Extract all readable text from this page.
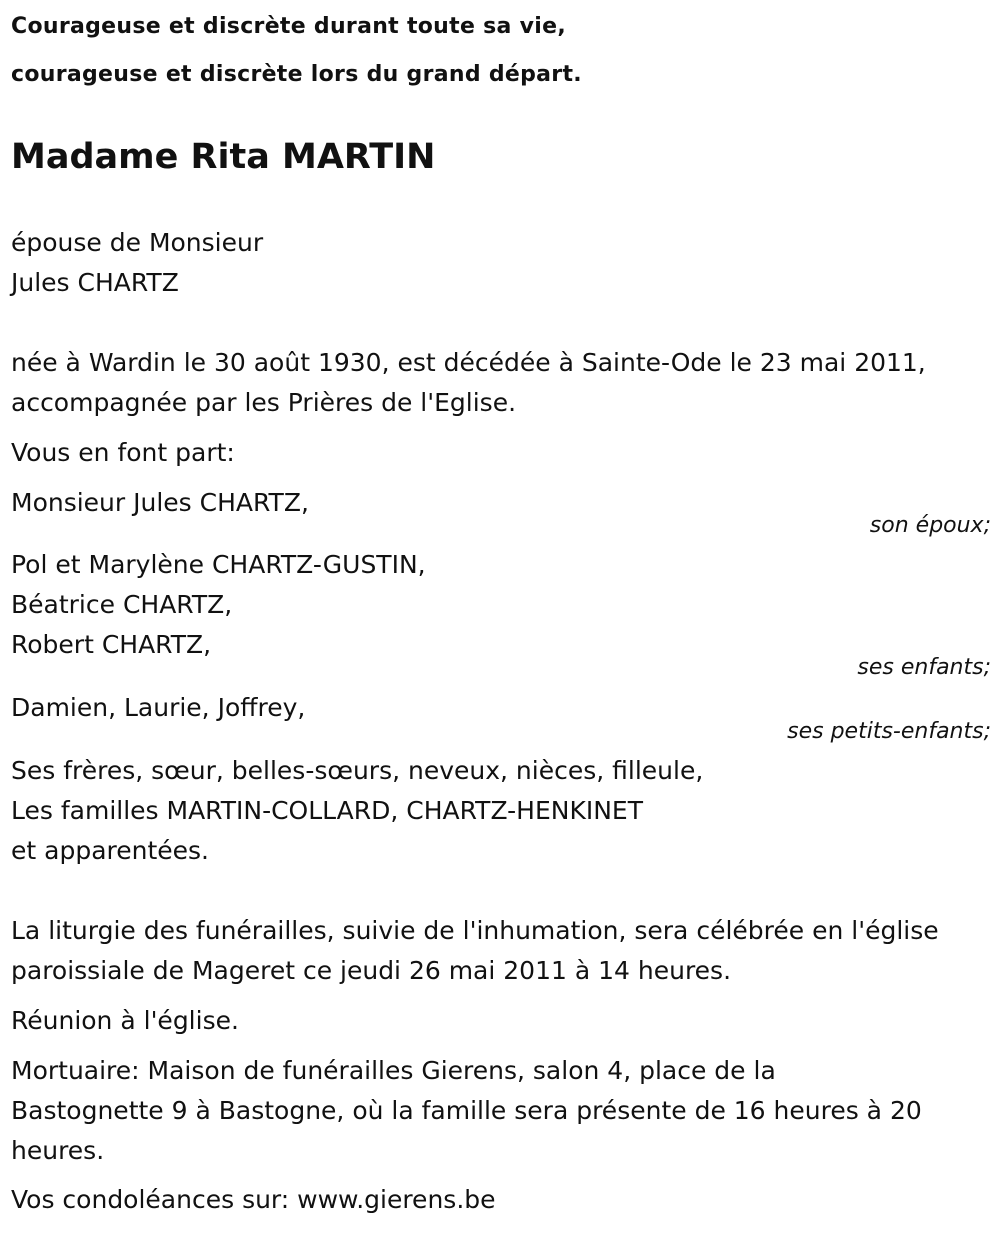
Courageuse et discrète durant toute sa vie,
courageuse et discrète lors du grand départ.
Madame Rita MARTIN
épouse de Monsieur
Jules CHARTZ
née à Wardin le 30 août 1930, est décédée à Sainte-Ode le 23 mai 2011,
accompagnée par les Prières de l'Eglise.
Vous en font part:
Monsieur Jules CHARTZ,
son époux;
Pol et Marylène CHARTZ-GUSTIN,
Béatrice CHARTZ,
Robert CHARTZ,
ses enfants;
Damien, Laurie, Joffrey,
ses petits-enfants;
Ses frères, sœur, belles-sœurs, neveux, nièces, filleule,
Les familles MARTIN-COLLARD, CHARTZ-HENKINET
et apparentées.
La liturgie des funérailles, suivie de l'inhumation, sera célébrée en l'église
paroissiale de Mageret ce jeudi 26 mai 2011 à 14 heures.
Réunion à l'église.
Mortuaire: Maison de funérailles Gierens, salon 4, place de la
Bastognette 9 à Bastogne, où la famille sera présente de 16 heures à 20
heures.
Vos condoléances sur: www.gierens.be
